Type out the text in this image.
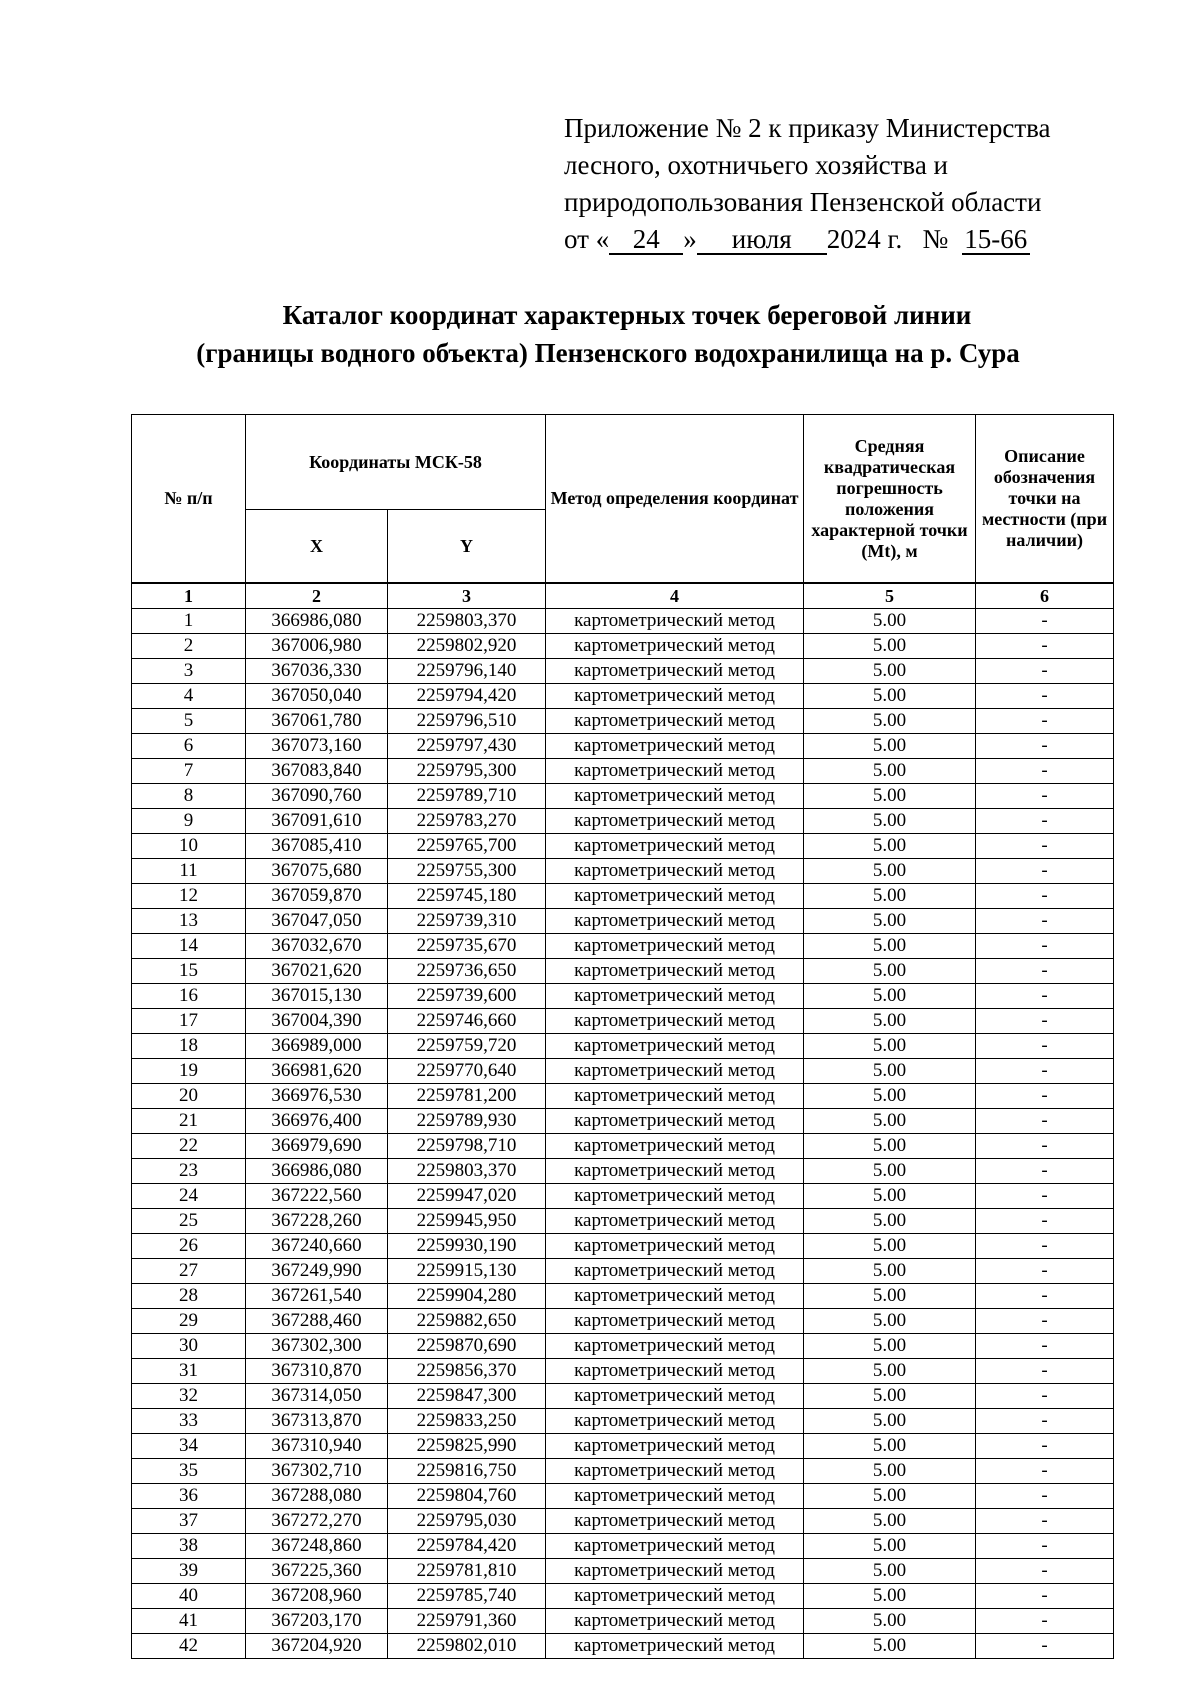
Приложение № 2 к приказу Министерства
лесного, охотничьего хозяйства и
природопользования Пензенской области
от « 24 » июля 2024 г. № 15-66
Каталог координат характерных точек береговой линии
(границы водного объекта) Пензенского водохранилища на р. Сура
№ п/п	Координаты МСК-58		Метод определения координат	Средняя квадратическая погрешность положения характерной точки (Mt), м	Описание обозначения точки на местности (при наличии)
	X	Y			
1	2	3	4	5	6
1	366986,080	2259803,370	картометрический метод	5.00	-
2	367006,980	2259802,920	картометрический метод	5.00	-
3	367036,330	2259796,140	картометрический метод	5.00	-
4	367050,040	2259794,420	картометрический метод	5.00	-
5	367061,780	2259796,510	картометрический метод	5.00	-
6	367073,160	2259797,430	картометрический метод	5.00	-
7	367083,840	2259795,300	картометрический метод	5.00	-
8	367090,760	2259789,710	картометрический метод	5.00	-
9	367091,610	2259783,270	картометрический метод	5.00	-
10	367085,410	2259765,700	картометрический метод	5.00	-
11	367075,680	2259755,300	картометрический метод	5.00	-
12	367059,870	2259745,180	картометрический метод	5.00	-
13	367047,050	2259739,310	картометрический метод	5.00	-
14	367032,670	2259735,670	картометрический метод	5.00	-
15	367021,620	2259736,650	картометрический метод	5.00	-
16	367015,130	2259739,600	картометрический метод	5.00	-
17	367004,390	2259746,660	картометрический метод	5.00	-
18	366989,000	2259759,720	картометрический метод	5.00	-
19	366981,620	2259770,640	картометрический метод	5.00	-
20	366976,530	2259781,200	картометрический метод	5.00	-
21	366976,400	2259789,930	картометрический метод	5.00	-
22	366979,690	2259798,710	картометрический метод	5.00	-
23	366986,080	2259803,370	картометрический метод	5.00	-
24	367222,560	2259947,020	картометрический метод	5.00	-
25	367228,260	2259945,950	картометрический метод	5.00	-
26	367240,660	2259930,190	картометрический метод	5.00	-
27	367249,990	2259915,130	картометрический метод	5.00	-
28	367261,540	2259904,280	картометрический метод	5.00	-
29	367288,460	2259882,650	картометрический метод	5.00	-
30	367302,300	2259870,690	картометрический метод	5.00	-
31	367310,870	2259856,370	картометрический метод	5.00	-
32	367314,050	2259847,300	картометрический метод	5.00	-
33	367313,870	2259833,250	картометрический метод	5.00	-
34	367310,940	2259825,990	картометрический метод	5.00	-
35	367302,710	2259816,750	картометрический метод	5.00	-
36	367288,080	2259804,760	картометрический метод	5.00	-
37	367272,270	2259795,030	картометрический метод	5.00	-
38	367248,860	2259784,420	картометрический метод	5.00	-
39	367225,360	2259781,810	картометрический метод	5.00	-
40	367208,960	2259785,740	картометрический метод	5.00	-
41	367203,170	2259791,360	картометрический метод	5.00	-
42	367204,920	2259802,010	картометрический метод	5.00	-
